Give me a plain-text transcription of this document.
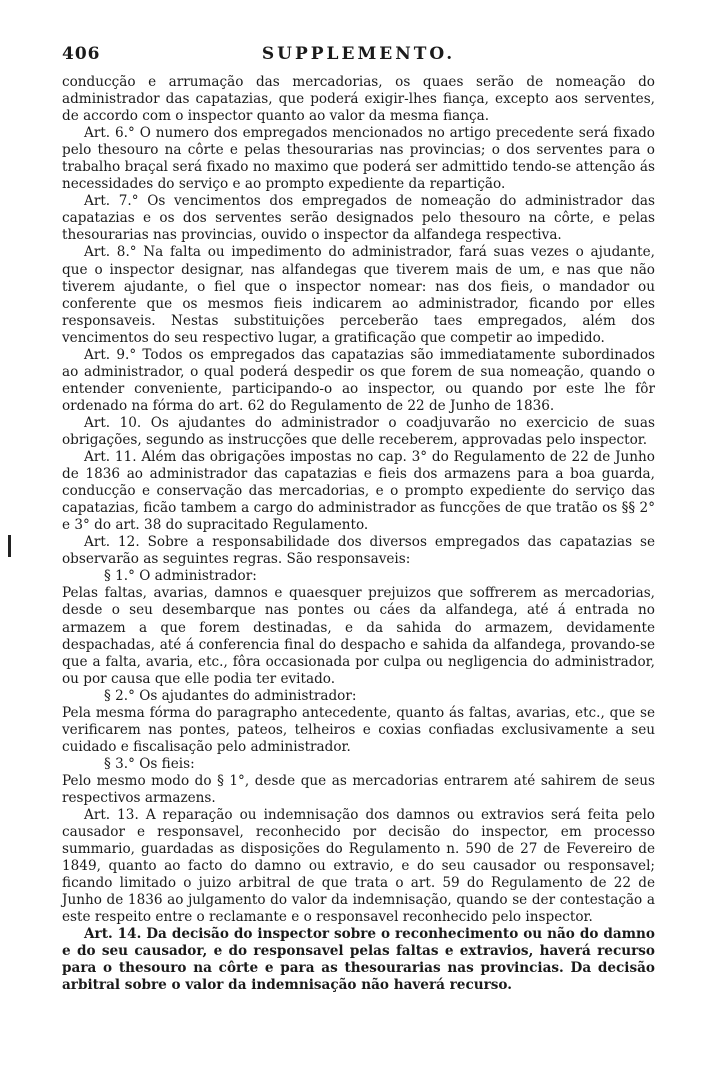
406	SUPPLEMENTO.

conducção e arrumação das mercadorias, os quaes serão de nomeação do administrador das capatazias, que poderá exigir-lhes fiança, excepto aos serventes, de accordo com o inspector quanto ao valor da mesma fiança.

Art. 6.° O numero dos empregados mencionados no artigo precedente será fixado pelo thesouro na côrte e pelas thesourarias nas provincias; o dos serventes para o trabalho braçal será fixado no maximo que poderá ser admittido tendo-se attenção ás necessidades do serviço e ao prompto expediente da repartição.

Art. 7.° Os vencimentos dos empregados de nomeação do administrador das capatazias e os dos serventes serão designados pelo thesouro na côrte, e pelas thesourarias nas provincias, ouvido o inspector da alfandega respectiva.

Art. 8.° Na falta ou impedimento do administrador, fará suas vezes o ajudante, que o inspector designar, nas alfandegas que tiverem mais de um, e nas que não tiverem ajudante, o fiel que o inspector nomear: nas dos fieis, o mandador ou conferente que os mesmos fieis indicarem ao administrador, ficando por elles responsaveis. Nestas substituições perceberão taes empregados, além dos vencimentos do seu respectivo lugar, a gratificação que competir ao impedido.

Art. 9.° Todos os empregados das capatazias são immediatamente subordinados ao administrador, o qual poderá despedir os que forem de sua nomeação, quando o entender conveniente, participando-o ao inspector, ou quando por este lhe fôr ordenado na fórma do art. 62 do Regulamento de 22 de Junho de 1836.

Art. 10. Os ajudantes do administrador o coadjuvarão no exercicio de suas obrigações, segundo as instrucções que delle receberem, approvadas pelo inspector.

Art. 11. Além das obrigações impostas no cap. 3° do Regulamento de 22 de Junho de 1836 ao administrador das capatazias e fieis dos armazens para a boa guarda, conducção e conservação das mercadorias, e o prompto expediente do serviço das capatazias, ficão tambem a cargo do administrador as funcções de que tratão os §§ 2° e 3° do art. 38 do supracitado Regulamento.

Art. 12. Sobre a responsabilidade dos diversos empregados das capatazias se observarão as seguintes regras. São responsaveis:

§ 1.° O administrador:

Pelas faltas, avarias, damnos e quaesquer prejuizos que soffrerem as mercadorias, desde o seu desembarque nas pontes ou cáes da alfandega, até á entrada no armazem a que forem destinadas, e da sahida do armazem, devidamente despachadas, até á conferencia final do despacho e sahida da alfandega, provando-se que a falta, avaria, etc., fôra occasionada por culpa ou negligencia do administrador, ou por causa que elle podia ter evitado.

§ 2.° Os ajudantes do administrador:

Pela mesma fórma do paragrapho antecedente, quanto ás faltas, avarias, etc., que se verificarem nas pontes, pateos, telheiros e coxias confiadas exclusivamente a seu cuidado e fiscalisação pelo administrador.

§ 3.° Os fieis:

Pelo mesmo modo do § 1°, desde que as mercadorias entrarem até sahirem de seus respectivos armazens.

Art. 13. A reparação ou indemnisação dos damnos ou extravios será feita pelo causador e responsavel, reconhecido por decisão do inspector, em processo summario, guardadas as disposições do Regulamento n. 590 de 27 de Fevereiro de 1849, quanto ao facto do damno ou extravio, e do seu causador ou responsavel; ficando limitado o juizo arbitral de que trata o art. 59 do Regulamento de 22 de Junho de 1836 ao julgamento do valor da indemnisação, quando se der contestação a este respeito entre o reclamante e o responsavel reconhecido pelo inspector.

Art. 14. Da decisão do inspector sobre o reconhecimento ou não do damno e do seu causador, e do responsavel pelas faltas e extravios, haverá recurso para o thesouro na côrte e para as thesourarias nas provincias. Da decisão arbitral sobre o valor da indemnisação não haverá recurso.
